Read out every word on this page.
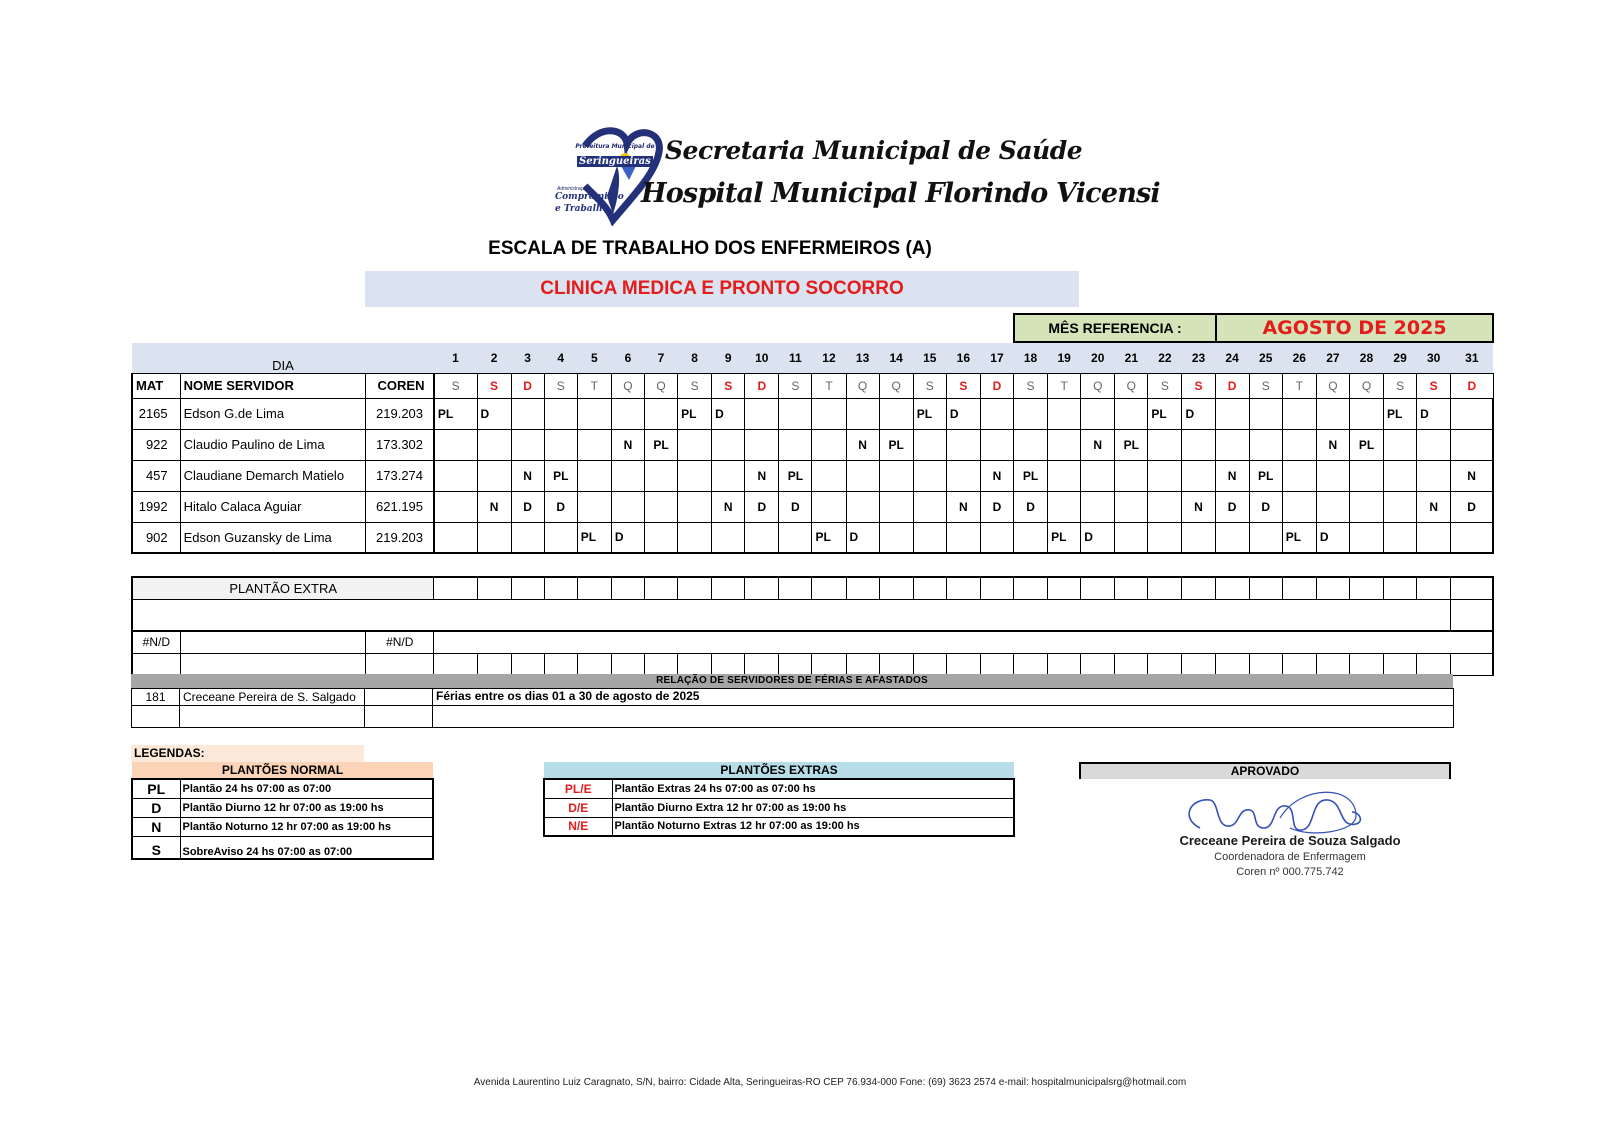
Prefeitura Municipal de
Seringueiras
Administração
Compromisso
e Trabalho
Secretaria Municipal de Saúde
Hospital Municipal Florindo Vicensi
ESCALA DE TRABALHO DOS ENFERMEIROS (A)
CLINICA MEDICA E PRONTO SOCORRO
MÊS REFERENCIA :	AGOSTO DE 2025
DIA			1	2	3	4	5	6	7	8	9	10	11	12	13	14	15	16	17	18	19	20	21	22	23	24	25	26	27	28	29	30	31
MAT	NOME SERVIDOR	COREN	S	S	D	S	T	Q	Q	S	S	D	S	T	Q	Q	S	S	D	S	T	Q	Q	S	S	D	S	T	Q	Q	S	S	D
2165	Edson G.de Lima	219.203	PL	D						PL	D						PL	D						PL	D						PL	D	
922	Claudio Paulino de Lima	173.302						N	PL						N	PL						N	PL						N	PL			
457	Claudiane Demarch Matielo	173.274			N	PL						N	PL						N	PL						N	PL						N
1992	Hitalo Calaca Aguiar	621.195		N	D	D					N	D	D					N	D	D					N	D	D					N	D
902	Edson Guzansky de Lima	219.203					PL	D						PL	D						PL	D						PL	D				
PLANTÃO EXTRA																																	

#N/D		#N/D																															

RELAÇÃO DE SERVIDORES DE FÉRIAS E AFASTADOS
181	Creceane Pereira de S. Salgado		Férias entre os dias 01 a 30 de agosto de 2025

LEGENDAS:
PLANTÕES NORMAL	
PL	Plantão 24 hs 07:00 as 07:00
D	Plantão Diurno 12 hr 07:00 as 19:00 hs
N	Plantão Noturno 12 hr 07:00 as 19:00 hs
S	SobreAviso 24 hs 07:00 as 07:00
PLANTÕES EXTRAS	
PL/E	Plantão Extras 24 hs 07:00 as 07:00 hs
D/E	Plantão Diurno Extra 12 hr 07:00 as 19:00 hs
N/E	Plantão Noturno Extras 12 hr 07:00 as 19:00 hs
APROVADO
Creceane Pereira de Souza Salgado
Coordenadora de Enfermagem
Coren nº 000.775.742
Avenida Laurentino Luiz Caragnato, S/N, bairro: Cidade Alta, Seringueiras-RO CEP 76.934-000 Fone: (69) 3623 2574 e-mail: hospitalmunicipalsrg@hotmail.com
